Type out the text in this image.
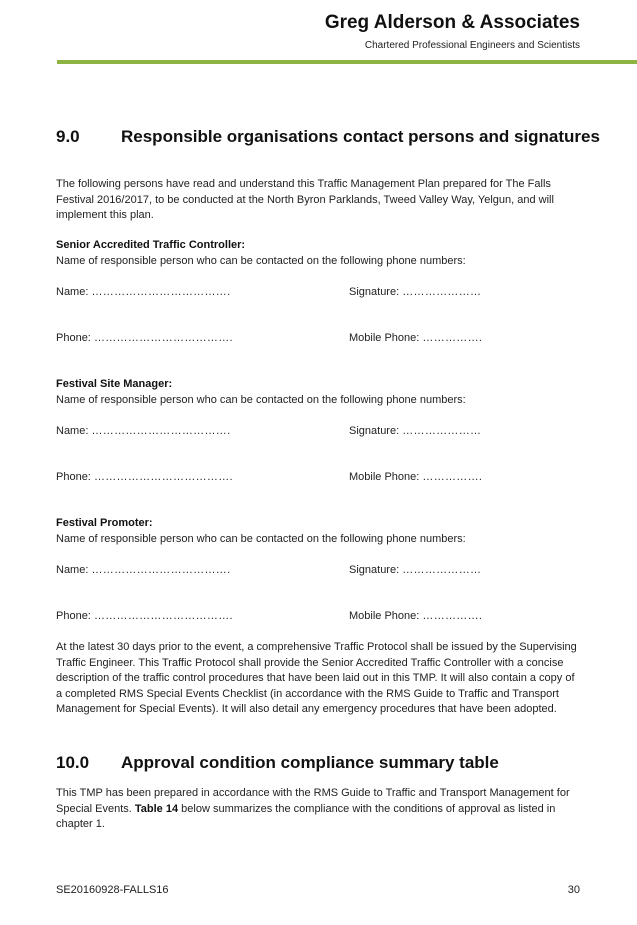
Greg Alderson & Associates
Chartered Professional Engineers and Scientists
9.0	Responsible organisations contact persons and signatures
The following persons have read and understand this Traffic Management Plan prepared for The Falls Festival 2016/2017, to be conducted at the North Byron Parklands, Tweed Valley Way, Yelgun, and will implement this plan.
Senior Accredited Traffic Controller:
Name of responsible person who can be contacted on the following phone numbers:
Name: ……………………………….	Signature: …………………
Phone: ……………………………….	Mobile Phone: …………….
Festival Site Manager:
Name of responsible person who can be contacted on the following phone numbers:
Name: ……………………………….	Signature: …………………
Phone: ……………………………….	Mobile Phone: …………….
Festival Promoter:
Name of responsible person who can be contacted on the following phone numbers:
Name: ……………………………….	Signature: …………………
Phone: ……………………………….	Mobile Phone: …………….
At the latest 30 days prior to the event, a comprehensive Traffic Protocol shall be issued by the Supervising Traffic Engineer. This Traffic Protocol shall provide the Senior Accredited Traffic Controller with a concise description of the traffic control procedures that have been laid out in this TMP. It will also contain a copy of a completed RMS Special Events Checklist (in accordance with the RMS Guide to Traffic and Transport Management for Special Events). It will also detail any emergency procedures that have been adopted.
10.0	Approval condition compliance summary table
This TMP has been prepared in accordance with the RMS Guide to Traffic and Transport Management for Special Events. Table 14 below summarizes the compliance with the conditions of approval as listed in chapter 1.
SE20160928-FALLS16	30
